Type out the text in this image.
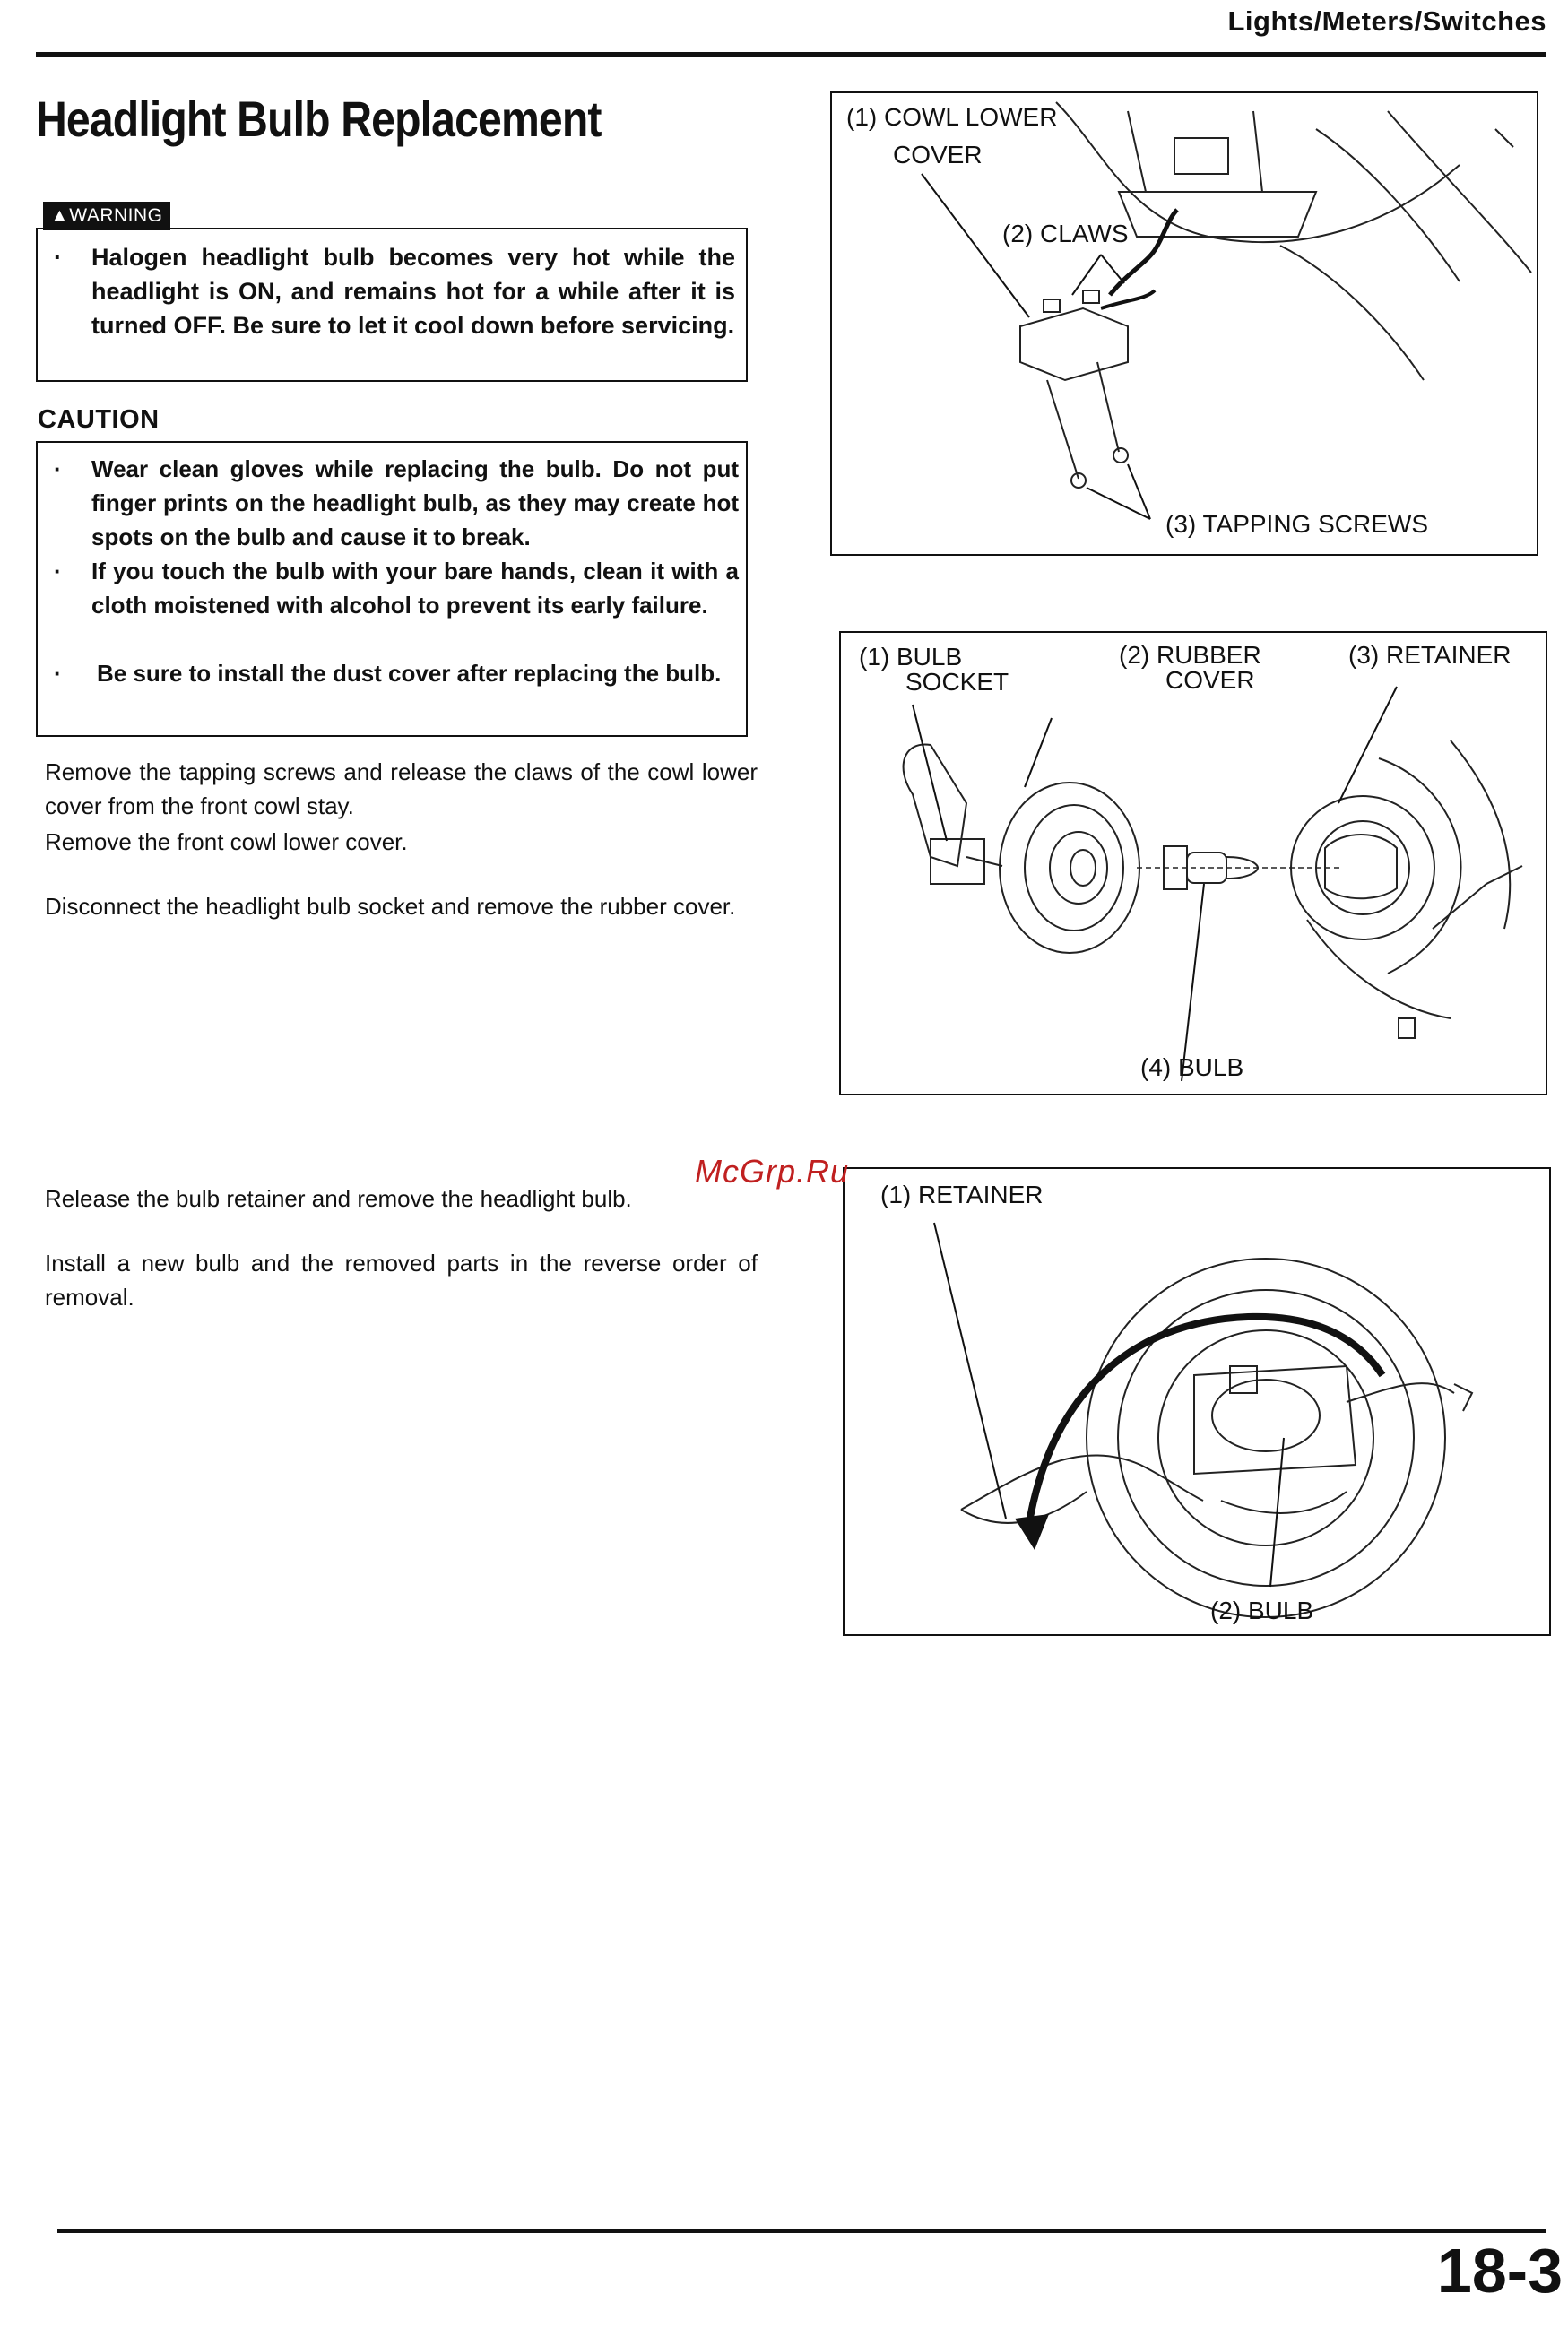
Lights/Meters/Switches
Headlight Bulb Replacement
▲WARNING
· Halogen headlight bulb becomes very hot while the headlight is ON, and remains hot for a while after it is turned OFF. Be sure to let it cool down before servicing.
CAUTION
· Wear clean gloves while replacing the bulb. Do not put finger prints on the headlight bulb, as they may create hot spots on the bulb and cause it to break.
· If you touch the bulb with your bare hands, clean it with a cloth moistened with alcohol to prevent its early failure.
· Be sure to install the dust cover after replacing the bulb.
Remove the tapping screws and release the claws of the cowl lower cover from the front cowl stay.
Remove the front cowl lower cover.
Disconnect the headlight bulb socket and remove the rubber cover.
Release the bulb retainer and remove the headlight bulb.
Install a new bulb and the removed parts in the reverse order of removal.
(1) COWL LOWER
COVER
(2) CLAWS
(3) TAPPING SCREWS
(1) BULB
SOCKET
(2) RUBBER
COVER
(3) RETAINER
(4) BULB
(1) RETAINER
(2) BULB
McGrp.Ru
18-3
